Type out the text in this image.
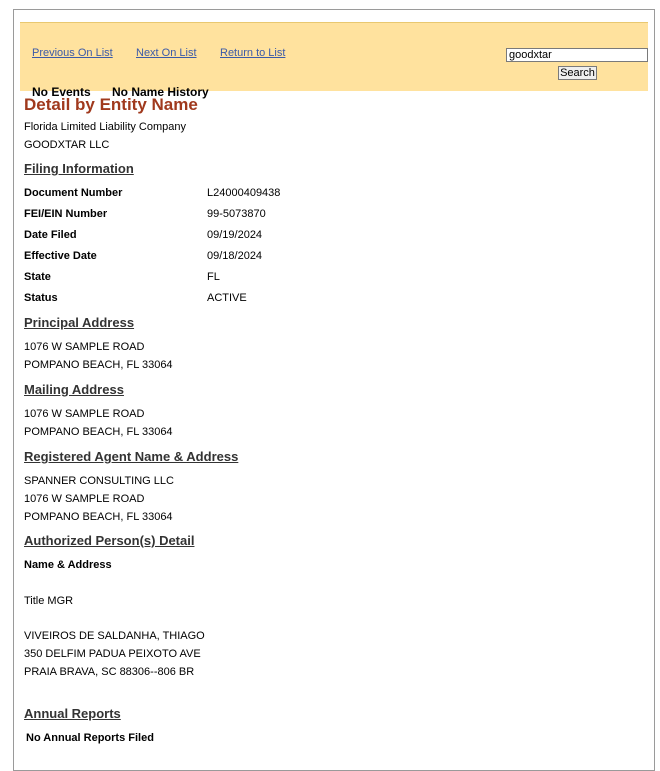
Previous On List Next On List Return to List
goodxtar
Search
No Events No Name History
Detail by Entity Name
Florida Limited Liability Company
GOODXTAR LLC
Filing Information
Document Number	L24000409438
FEI/EIN Number	99-5073870
Date Filed	09/19/2024
Effective Date	09/18/2024
State	FL
Status	ACTIVE
Principal Address
1076 W SAMPLE ROAD
POMPANO BEACH, FL 33064
Mailing Address
1076 W SAMPLE ROAD
POMPANO BEACH, FL 33064
Registered Agent Name & Address
SPANNER CONSULTING LLC
1076 W SAMPLE ROAD
POMPANO BEACH, FL 33064
Authorized Person(s) Detail
Name & Address
Title MGR
VIVEIROS DE SALDANHA, THIAGO
350 DELFIM PADUA PEIXOTO AVE
PRAIA BRAVA, SC 88306--806 BR
Annual Reports
No Annual Reports Filed
